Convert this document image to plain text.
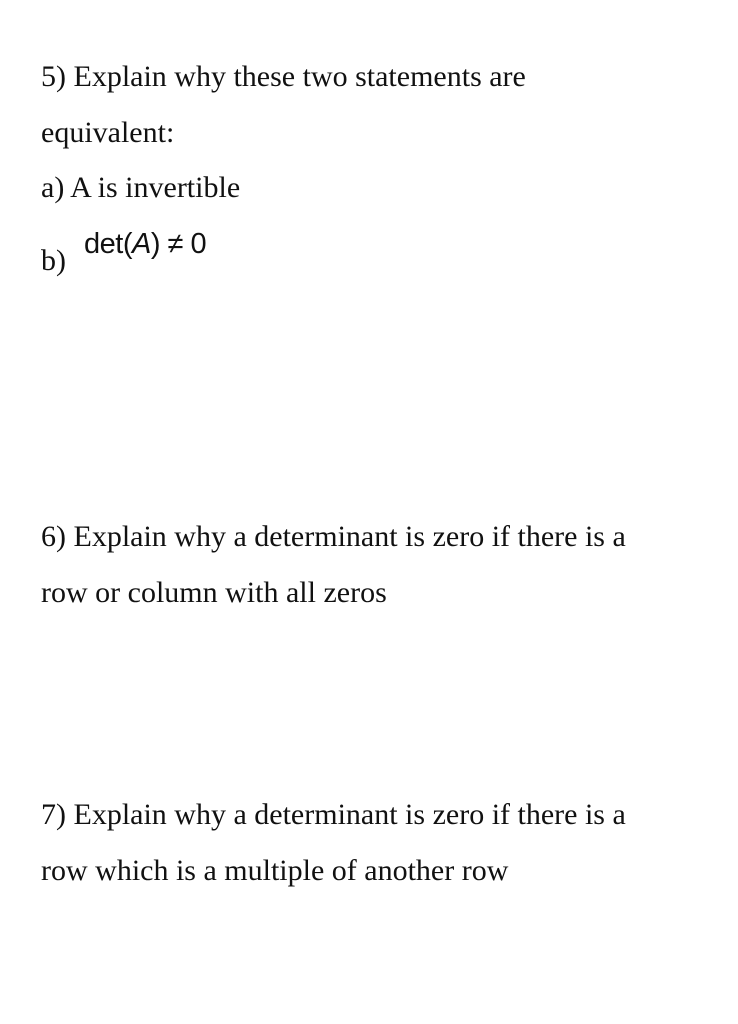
5) Explain why these two statements are
equivalent:
a) A is invertible
b) det(A) ≠ 0
6) Explain why a determinant is zero if there is a
row or column with all zeros
7) Explain why a determinant is zero if there is a
row which is a multiple of another row
